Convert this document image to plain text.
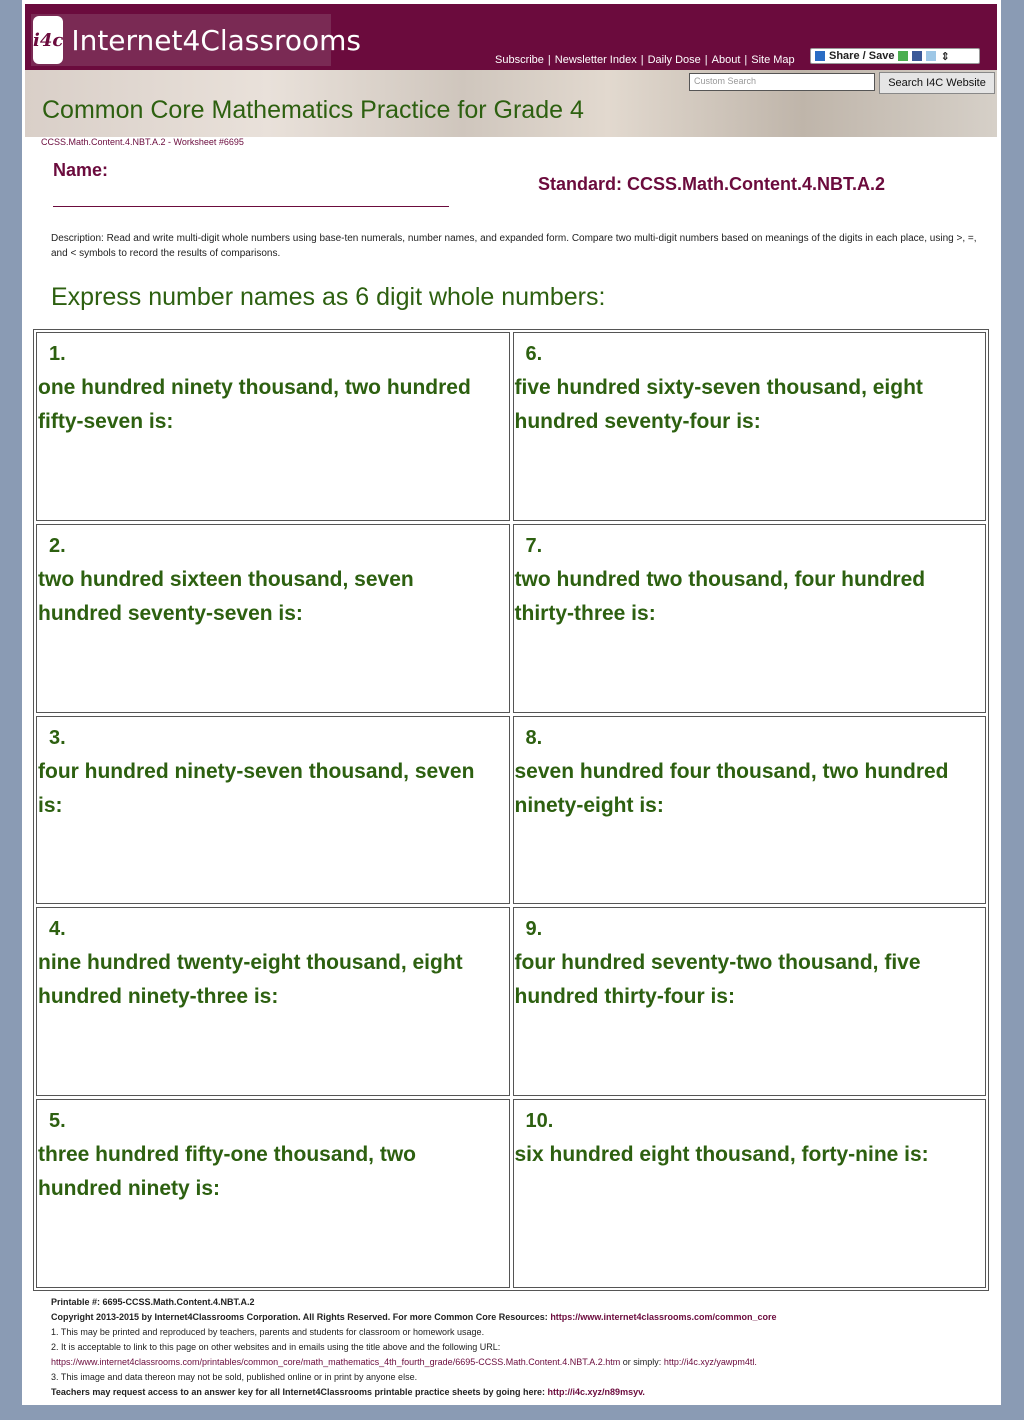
i4c Internet4Classrooms
Subscribe | Newsletter Index | Daily Dose | About | Site Map	Share / Save	⇕
Custom Search	Search I4C Website
Common Core Mathematics Practice for Grade 4
CCSS.Math.Content.4.NBT.A.2 - Worksheet #6695
Name:
Standard: CCSS.Math.Content.4.NBT.A.2
Description: Read and write multi-digit whole numbers using base-ten numerals, number names, and expanded form. Compare two multi-digit numbers based on meanings of the digits in each place, using >, =, and < symbols to record the results of comparisons.
Express number names as 6 digit whole numbers:
1.
one hundred ninety thousand, two hundred fifty-seven is:
6.
five hundred sixty-seven thousand, eight hundred seventy-four is:
2.
two hundred sixteen thousand, seven hundred seventy-seven is:
7.
two hundred two thousand, four hundred thirty-three is:
3.
four hundred ninety-seven thousand, seven is:
8.
seven hundred four thousand, two hundred ninety-eight is:
4.
nine hundred twenty-eight thousand, eight hundred ninety-three is:
9.
four hundred seventy-two thousand, five hundred thirty-four is:
5.
three hundred fifty-one thousand, two hundred ninety is:
10.
six hundred eight thousand, forty-nine is:
Printable #: 6695-CCSS.Math.Content.4.NBT.A.2
Copyright 2013-2015 by Internet4Classrooms Corporation. All Rights Reserved. For more Common Core Resources: https://www.internet4classrooms.com/common_core
1. This may be printed and reproduced by teachers, parents and students for classroom or homework usage.
2. It is acceptable to link to this page on other websites and in emails using the title above and the following URL:
https://www.internet4classrooms.com/printables/common_core/math_mathematics_4th_fourth_grade/6695-CCSS.Math.Content.4.NBT.A.2.htm or simply: http://i4c.xyz/yawpm4tl.
3. This image and data thereon may not be sold, published online or in print by anyone else.
Teachers may request access to an answer key for all Internet4Classrooms printable practice sheets by going here: http://i4c.xyz/n89msyv.
